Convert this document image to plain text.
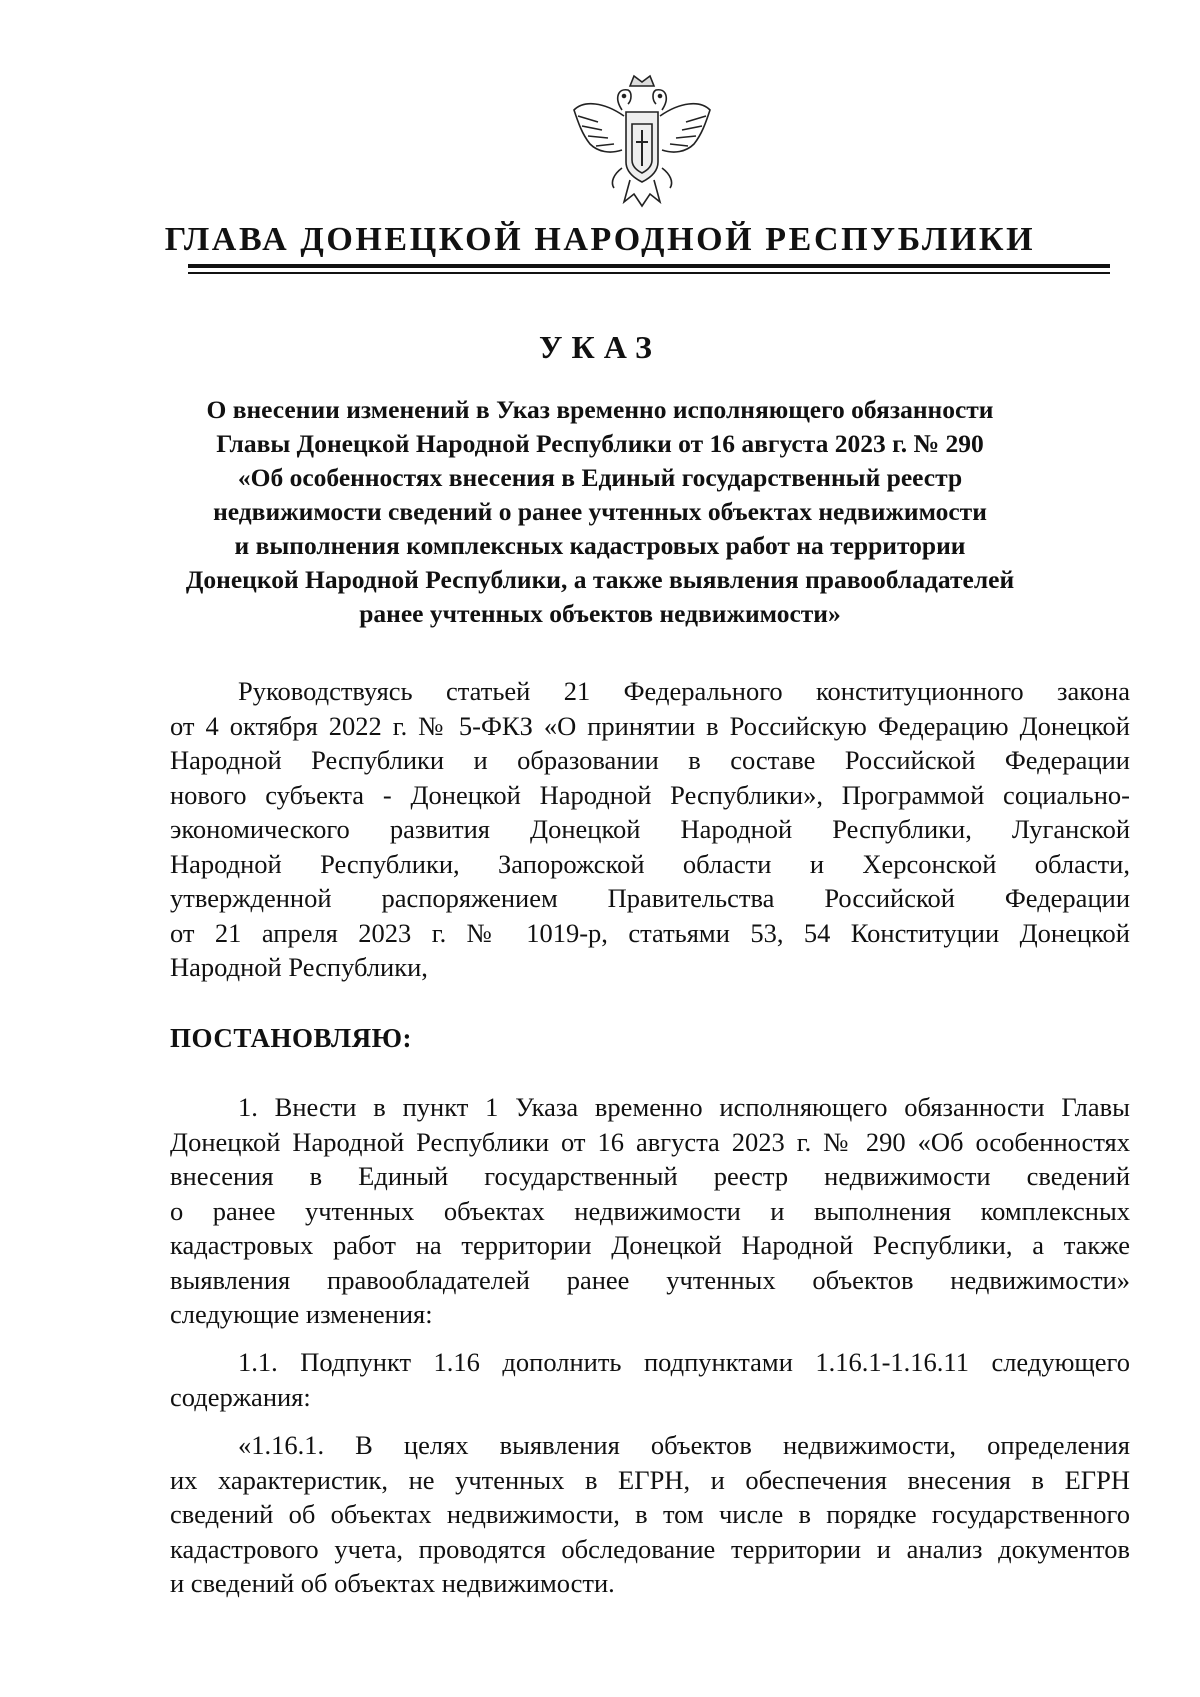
ГЛАВА ДОНЕЦКОЙ НАРОДНОЙ РЕСПУБЛИКИ
УКАЗ
О внесении изменений в Указ временно исполняющего обязанности
Главы Донецкой Народной Республики от 16 августа 2023 г. № 290
«Об особенностях внесения в Единый государственный реестр
недвижимости сведений о ранее учтенных объектах недвижимости
и выполнения комплексных кадастровых работ на территории
Донецкой Народной Республики, а также выявления правообладателей
ранее учтенных объектов недвижимости»
Руководствуясь статьей 21 Федерального конституционного закона
от 4 октября 2022 г. № 5-ФКЗ «О принятии в Российскую Федерацию Донецкой
Народной Республики и образовании в составе Российской Федерации
нового субъекта - Донецкой Народной Республики», Программой социально-
экономического развития Донецкой Народной Республики, Луганской
Народной Республики, Запорожской области и Херсонской области,
утвержденной распоряжением Правительства Российской Федерации
от 21 апреля 2023 г. № 1019-р, статьями 53, 54 Конституции Донецкой
Народной Республики,
ПОСТАНОВЛЯЮ:
1. Внести в пункт 1 Указа временно исполняющего обязанности Главы
Донецкой Народной Республики от 16 августа 2023 г. № 290 «Об особенностях
внесения в Единый государственный реестр недвижимости сведений
о ранее учтенных объектах недвижимости и выполнения комплексных
кадастровых работ на территории Донецкой Народной Республики, а также
выявления правообладателей ранее учтенных объектов недвижимости»
следующие изменения:
1.1. Подпункт 1.16 дополнить подпунктами 1.16.1-1.16.11 следующего
содержания:
«1.16.1. В целях выявления объектов недвижимости, определения
их характеристик, не учтенных в ЕГРН, и обеспечения внесения в ЕГРН
сведений об объектах недвижимости, в том числе в порядке государственного
кадастрового учета, проводятся обследование территории и анализ документов
и сведений об объектах недвижимости.
